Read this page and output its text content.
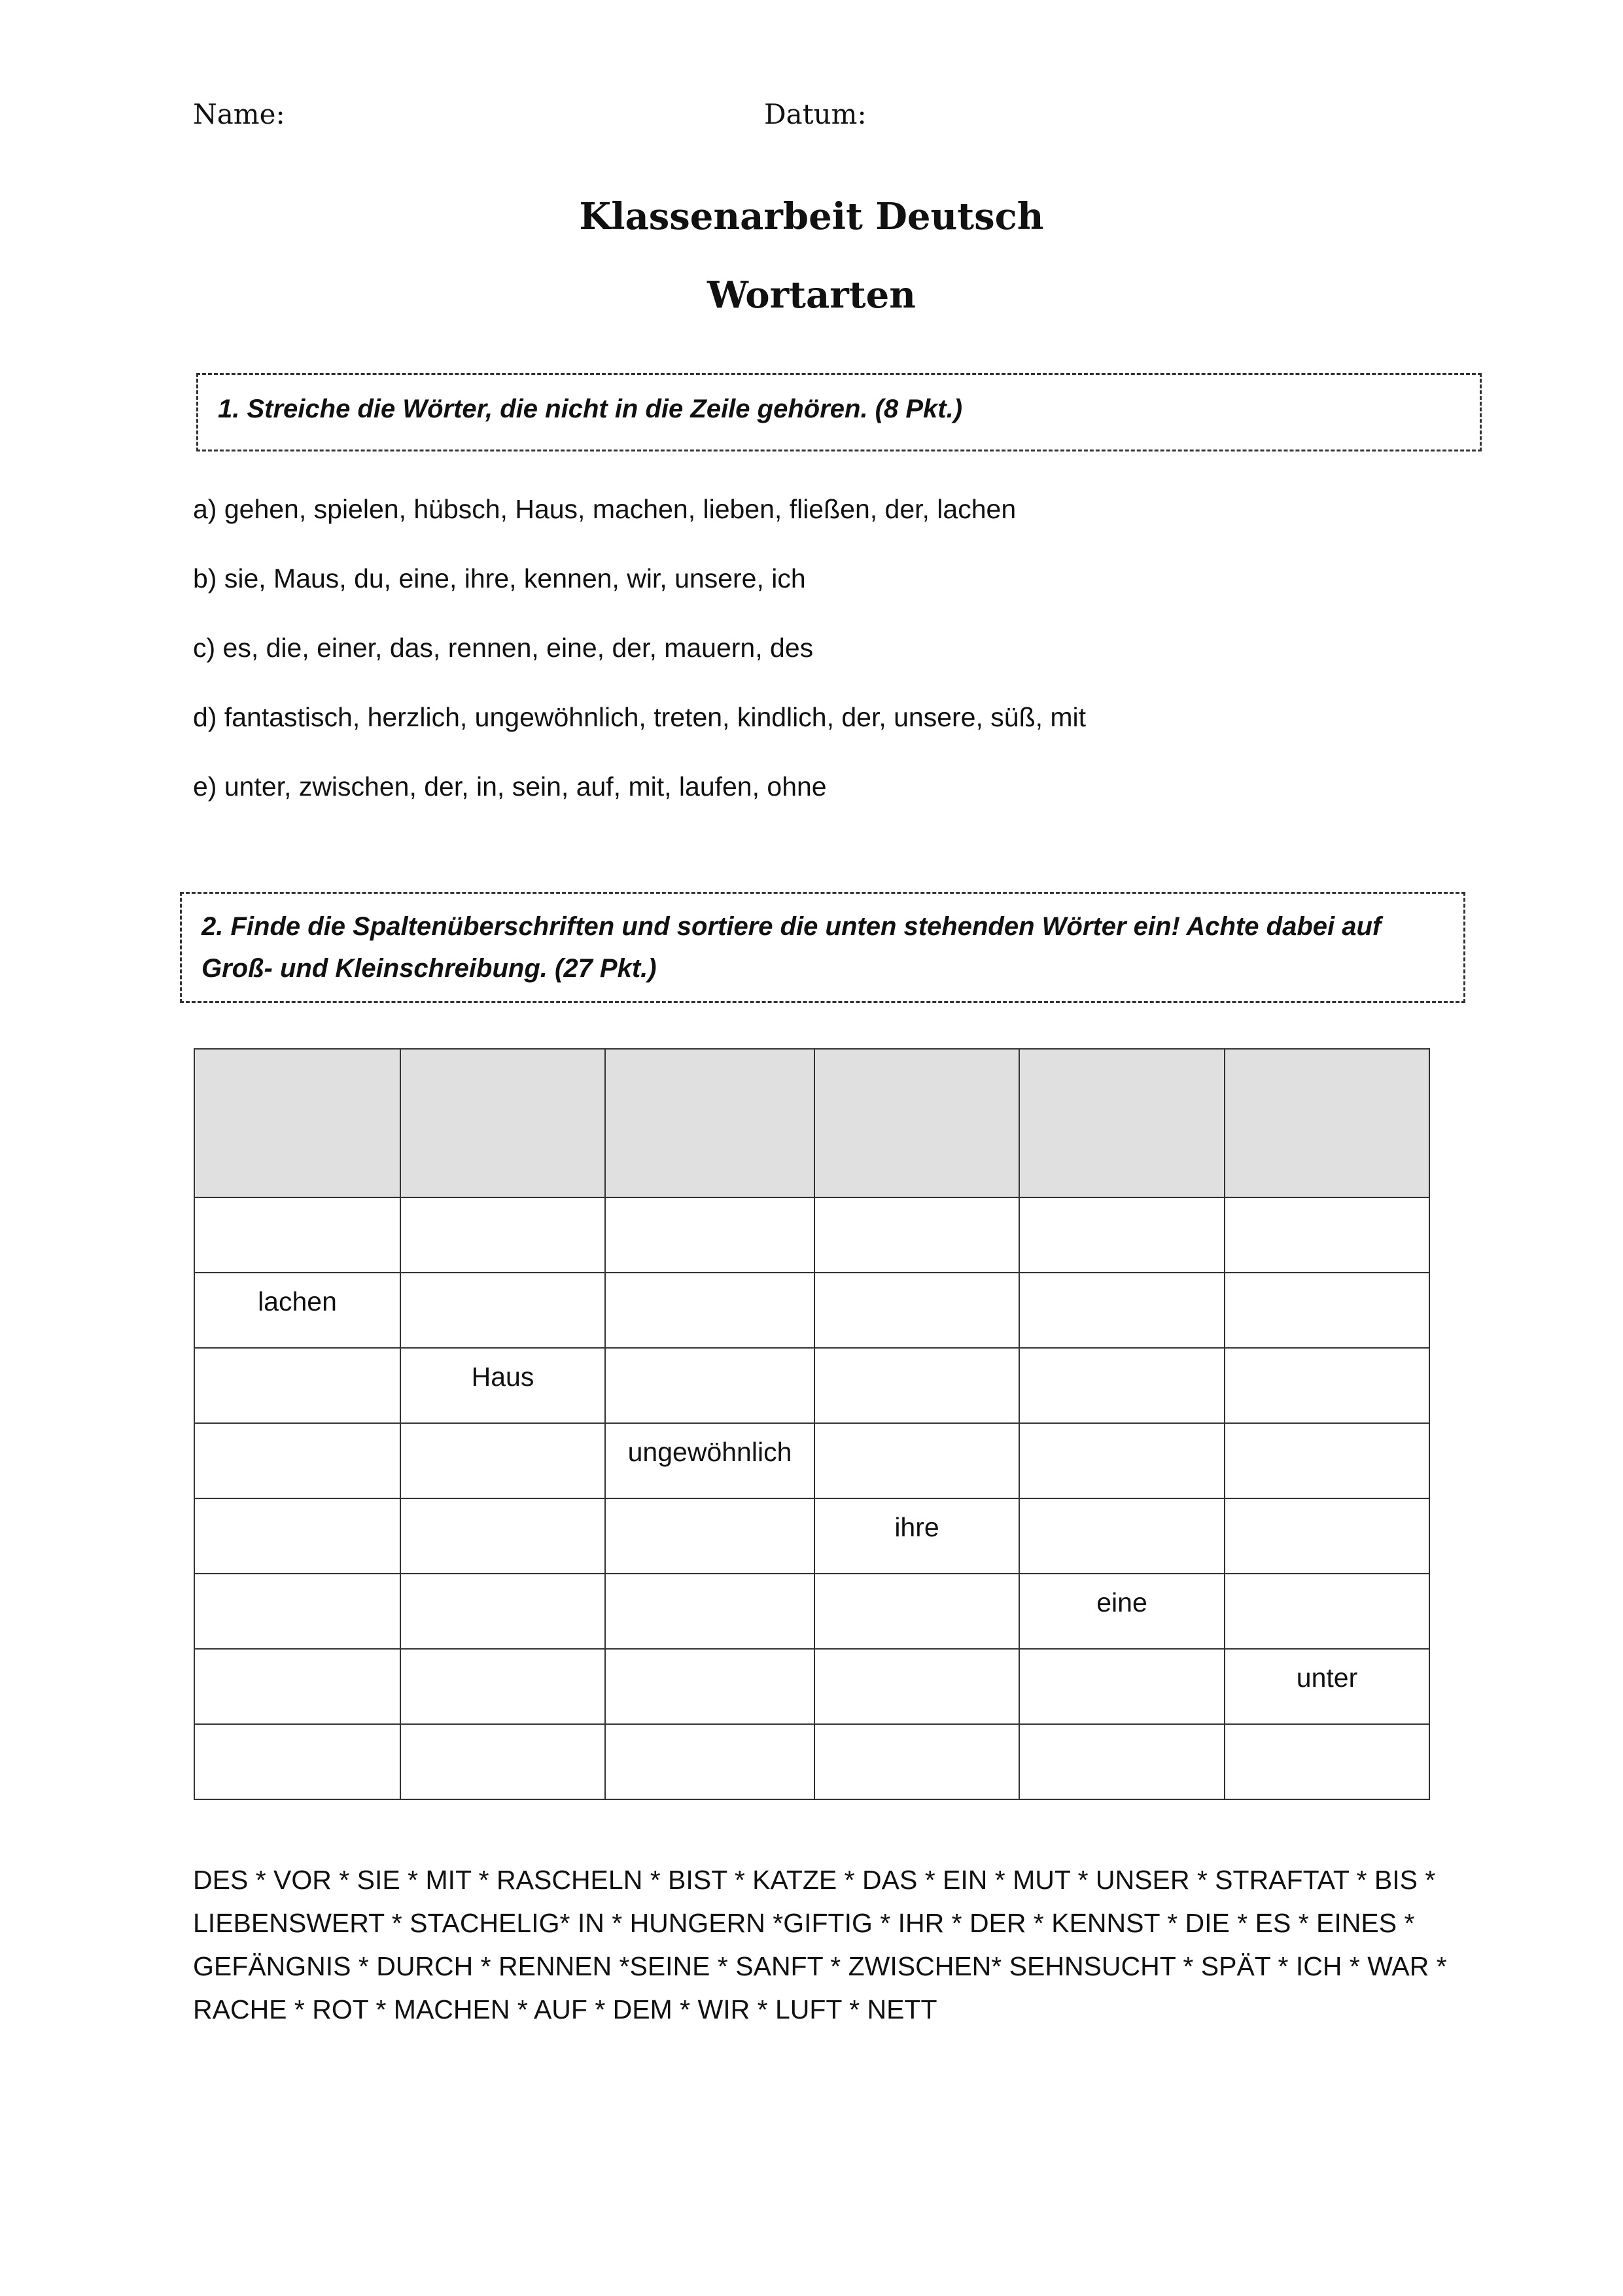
Name:	Datum:
Klassenarbeit Deutsch
Wortarten
1. Streiche die Wörter, die nicht in die Zeile gehören. (8 Pkt.)
a) gehen, spielen, hübsch, Haus, machen, lieben, fließen, der, lachen
b) sie, Maus, du, eine, ihre, kennen, wir, unsere, ich
c) es, die, einer, das, rennen, eine, der, mauern, des
d) fantastisch, herzlich, ungewöhnlich, treten, kindlich, der, unsere, süß, mit
e) unter, zwischen, der, in, sein, auf, mit, laufen, ohne
2. Finde die Spaltenüberschriften und sortiere die unten stehenden Wörter ein! Achte dabei auf
Groß- und Kleinschreibung. (27 Pkt.)

lachen					

	Haus				

		ungewöhnlich			

			ihre		

				eine	

					unter

DES * VOR * SIE * MIT * RASCHELN * BIST * KATZE * DAS * EIN * MUT * UNSER * STRAFTAT * BIS *
LIEBENSWERT * STACHELIG* IN * HUNGERN *GIFTIG * IHR * DER * KENNST * DIE * ES * EINES *
GEFÄNGNIS * DURCH * RENNEN *SEINE * SANFT * ZWISCHEN* SEHNSUCHT * SPÄT * ICH * WAR *
RACHE * ROT * MACHEN * AUF * DEM * WIR * LUFT * NETT
